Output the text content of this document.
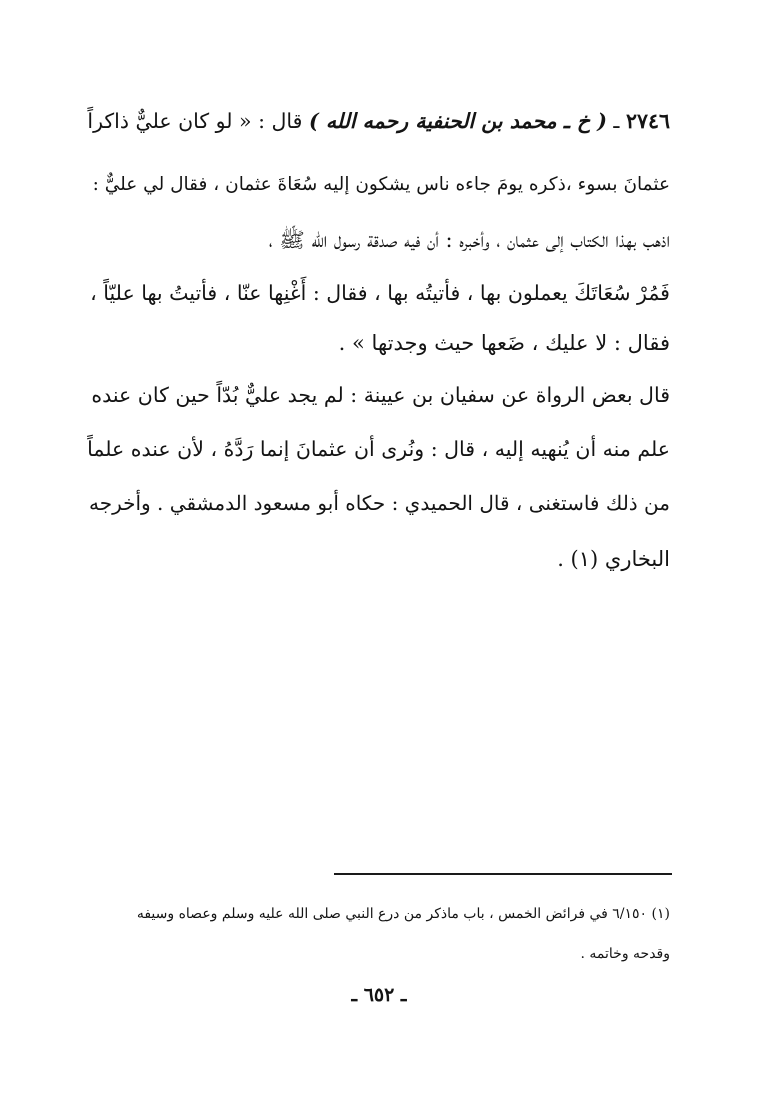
٢٧٤٦ ـ ( خ ـ محمد بن الحنفية رحمه الله ) قال : « لو كان عليٌّ ذاكراً
عثمانَ بسوء ،ذكره يومَ جاءه ناس يشكون إليه سُعَاةَ عثمان ، فقال لي عليٌّ :
اذهب بهذا الكتاب إلى عثمان ، وأخبره : أن فيه صدقة رسول الله ﷺ ،
فَمُرْ سُعَاتَكَ يعملون بها ، فأتيتُه بها ، فقال : أَغْنِها عنّا ، فأتيتُ بها عليّاً ،
فقال : لا عليك ، ضَعها حيث وجدتها » .
قال بعض الرواة عن سفيان بن عيينة : لم يجد عليٌّ بُدّاً حين كان عنده
علم منه أن يُنهيه إليه ، قال : ونُرى أن عثمانَ إنما رَدَّهُ ، لأن عنده علماً
من ذلك فاستغنى ، قال الحميدي : حكاه أبو مسعود الدمشقي . وأخرجه
البخاري (١) .
(١) ٦/١٥٠ في فرائض الخمس ، باب ماذكر من درع النبي صلى الله عليه وسلم وعصاه وسيفه
وقدحه وخاتمه .
ـ ٦٥٢ ـ
